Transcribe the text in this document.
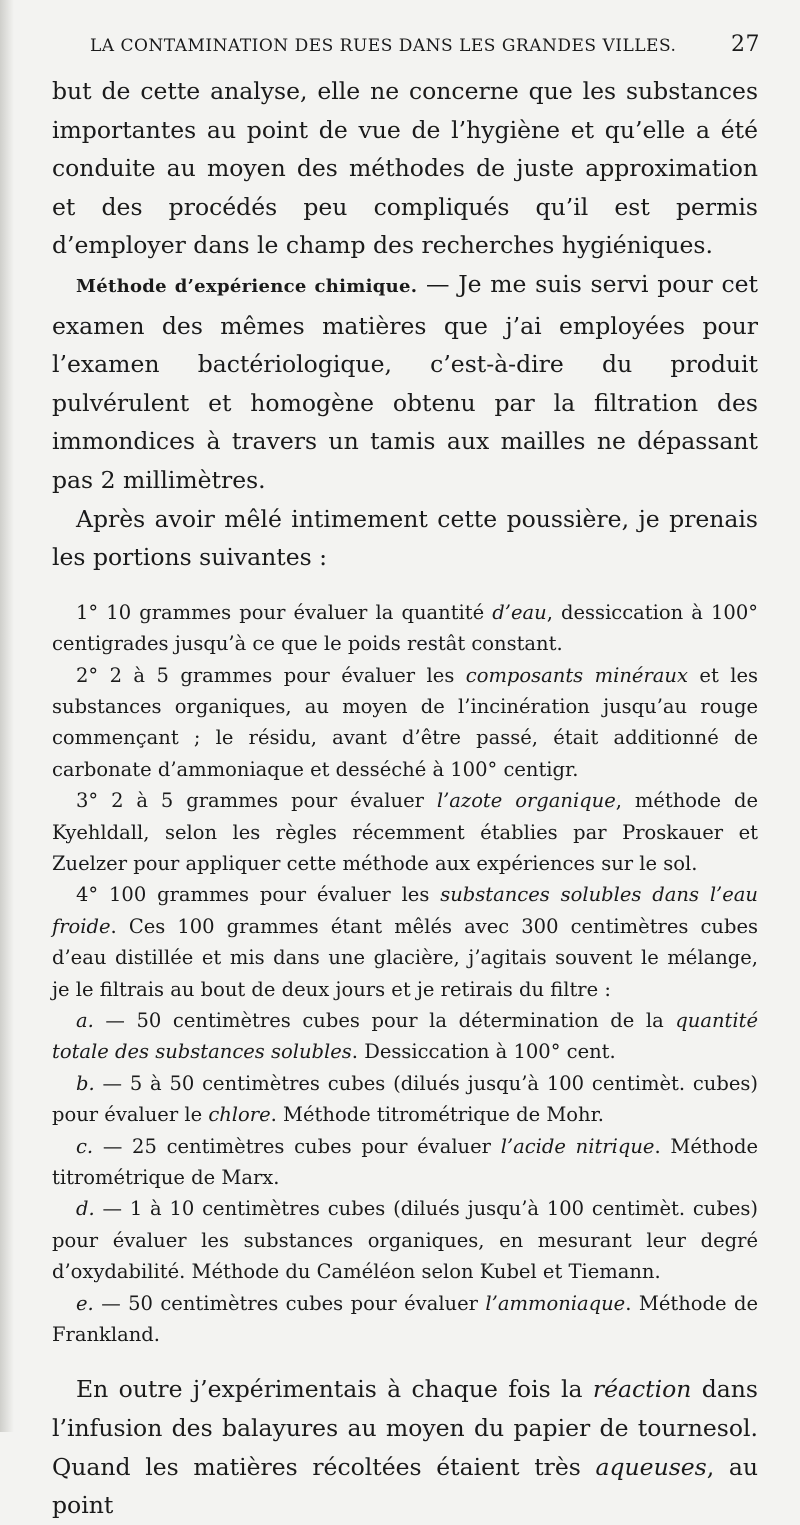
LA CONTAMINATION DES RUES DANS LES GRANDES VILLES. 27

but de cette analyse, elle ne concerne que les substances importantes au point de vue de l’hygiène et qu’elle a été conduite au moyen des méthodes de juste approximation et des procédés peu compliqués qu’il est permis d’employer dans le champ des recherches hygiéniques.

Méthode d’expérience chimique. — Je me suis servi pour cet examen des mêmes matières que j’ai employées pour l’examen bactériologique, c’est-à-dire du produit pulvérulent et homogène obtenu par la filtration des immondices à travers un tamis aux mailles ne dépassant pas 2 millimètres.

Après avoir mêlé intimement cette poussière, je prenais les portions suivantes :

1° 10 grammes pour évaluer la quantité d’eau, dessiccation à 100° centigrades jusqu’à ce que le poids restât constant.

2° 2 à 5 grammes pour évaluer les composants minéraux et les substances organiques, au moyen de l’incinération jusqu’au rouge commençant ; le résidu, avant d’être passé, était additionné de carbonate d’ammoniaque et desséché à 100° centigr.

3° 2 à 5 grammes pour évaluer l’azote organique, méthode de Kyehldall, selon les règles récemment établies par Proskauer et Zuelzer pour appliquer cette méthode aux expériences sur le sol.

4° 100 grammes pour évaluer les substances solubles dans l’eau froide. Ces 100 grammes étant mêlés avec 300 centimètres cubes d’eau distillée et mis dans une glacière, j’agitais souvent le mélange, je le filtrais au bout de deux jours et je retirais du filtre :

a. — 50 centimètres cubes pour la détermination de la quantité totale des substances solubles. Dessiccation à 100° cent.

b. — 5 à 50 centimètres cubes (dilués jusqu’à 100 centimèt. cubes) pour évaluer le chlore. Méthode titrométrique de Mohr.

c. — 25 centimètres cubes pour évaluer l’acide nitrique. Méthode titrométrique de Marx.

d. — 1 à 10 centimètres cubes (dilués jusqu’à 100 centimèt. cubes) pour évaluer les substances organiques, en mesurant leur degré d’oxydabilité. Méthode du Caméléon selon Kubel et Tiemann.

e. — 50 centimètres cubes pour évaluer l’ammoniaque. Méthode de Frankland.

En outre j’expérimentais à chaque fois la réaction dans l’infusion des balayures au moyen du papier de tournesol. Quand les matières récoltées étaient très aqueuses, au point
